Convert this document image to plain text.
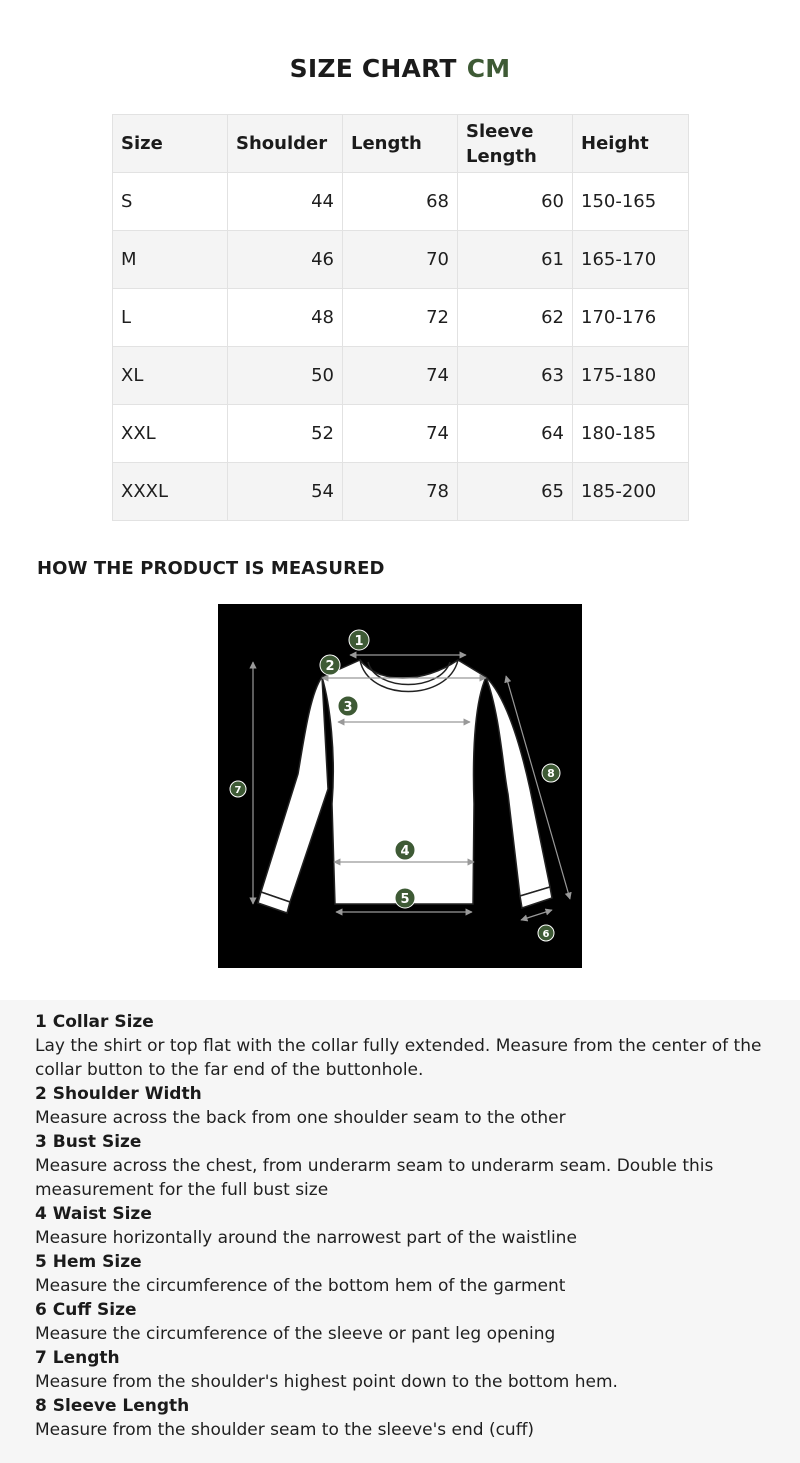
SIZE CHART CM
Size	Shoulder	Length	Sleeve Length	Height
S	44	68	60	150-165
M	46	70	61	165-170
L	48	72	62	170-176
XL	50	74	63	175-180
XXL	52	74	64	180-185
XXXL	54	78	65	185-200
HOW THE PRODUCT IS MEASURED
1
2
3
4
5
6
7
8
1 Collar Size
Lay the shirt or top flat with the collar fully extended. Measure from the center of the collar button to the far end of the buttonhole.
2 Shoulder Width
Measure across the back from one shoulder seam to the other
3 Bust Size
Measure across the chest, from underarm seam to underarm seam. Double this measurement for the full bust size
4 Waist Size
Measure horizontally around the narrowest part of the waistline
5 Hem Size
Measure the circumference of the bottom hem of the garment
6 Cuff Size
Measure the circumference of the sleeve or pant leg opening
7 Length
Measure from the shoulder's highest point down to the bottom hem.
8 Sleeve Length
Measure from the shoulder seam to the sleeve's end (cuff)
